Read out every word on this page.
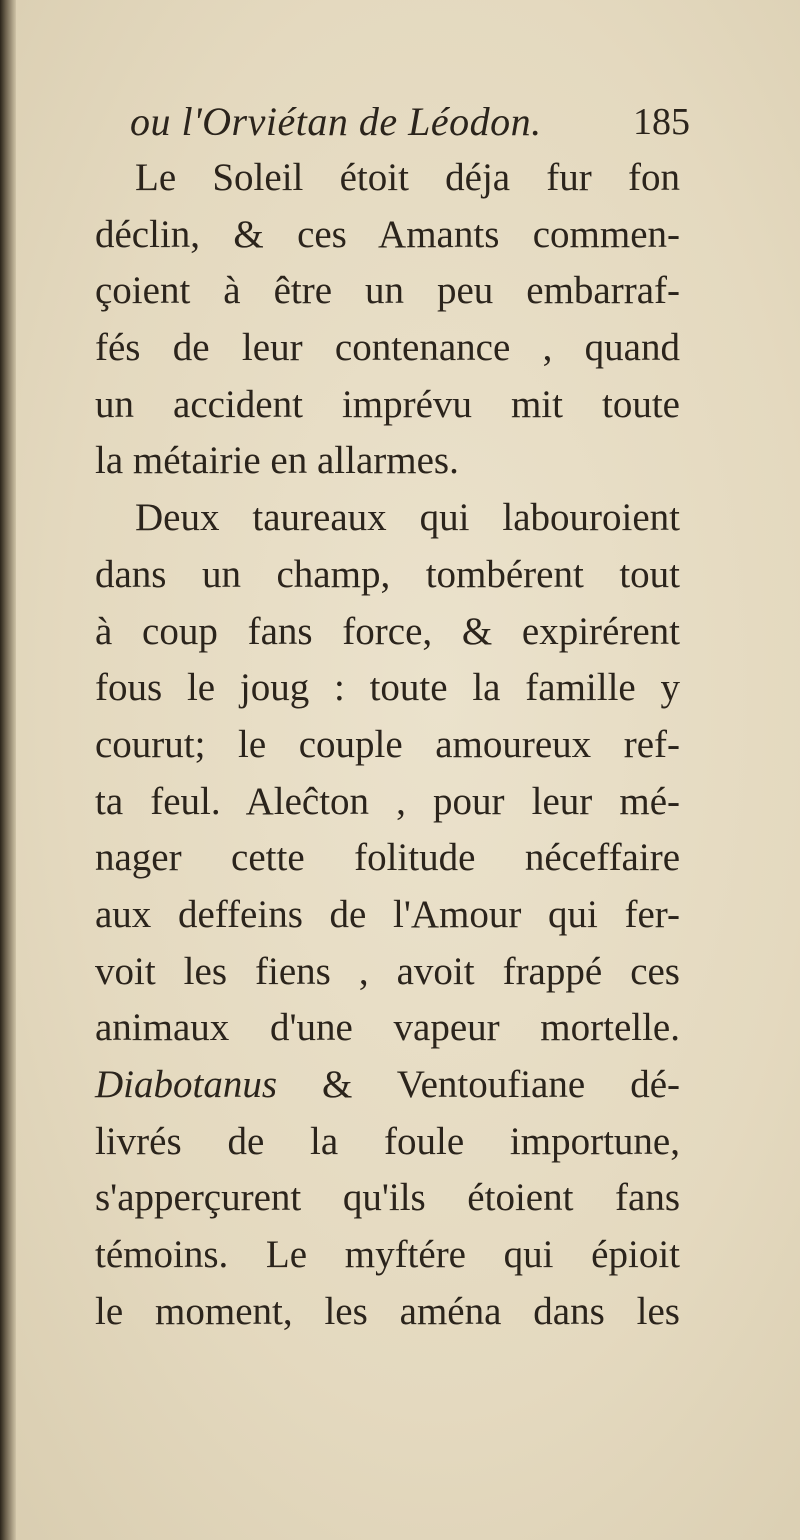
ou l'Orviétan de Léodon. 185
Le Soleil étoit déja fur fon
déclin, & ces Amants commen-
çoient à être un peu embarraf-
fés de leur contenance , quand
un accident imprévu mit toute
la métairie en allarmes.
Deux taureaux qui labouroient
dans un champ, tombérent tout
à coup fans force, & expirérent
fous le joug : toute la famille y
courut; le couple amoureux ref-
ta feul. Aleĉton , pour leur mé-
nager cette folitude néceffaire
aux deffeins de l'Amour qui fer-
voit les fiens , avoit frappé ces
animaux d'une vapeur mortelle.
Diabotanus & Ventoufiane dé-
livrés de la foule importune,
s'apperçurent qu'ils étoient fans
témoins. Le myftére qui épioit
le moment, les aména dans les
